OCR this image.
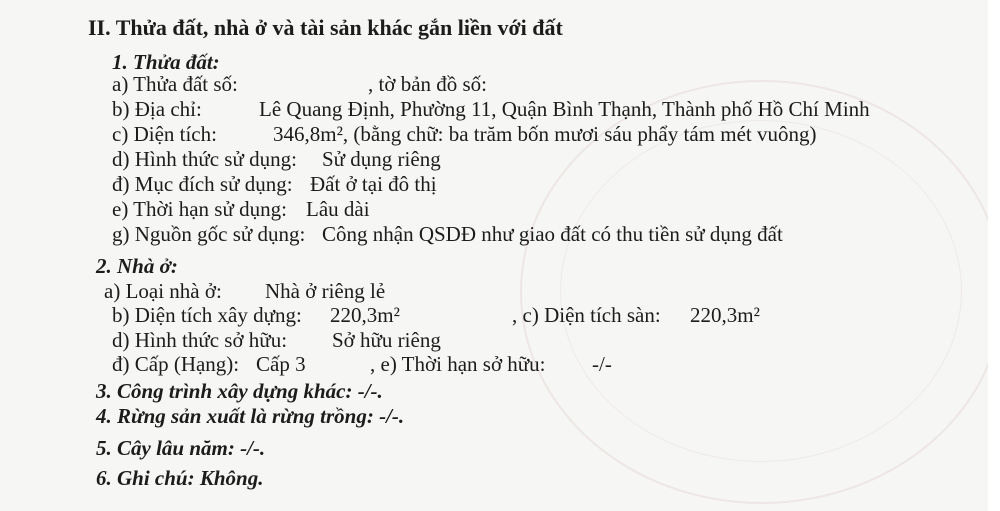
II. Thửa đất, nhà ở và tài sản khác gắn liền với đất
1. Thửa đất:
a) Thửa đất số:	, tờ bản đồ số:
b) Địa chỉ:	Lê Quang Định, Phường 11, Quận Bình Thạnh, Thành phố Hồ Chí Minh
c) Diện tích:	346,8m², (bằng chữ: ba trăm bốn mươi sáu phẩy tám mét vuông)
d) Hình thức sử dụng: Sử dụng riêng
đ) Mục đích sử dụng: Đất ở tại đô thị
e) Thời hạn sử dụng: Lâu dài
g) Nguồn gốc sử dụng: Công nhận QSDĐ như giao đất có thu tiền sử dụng đất
2. Nhà ở:
a) Loại nhà ở: Nhà ở riêng lẻ
b) Diện tích xây dựng: 220,3m²	, c) Diện tích sàn: 220,3m²
d) Hình thức sở hữu: Sở hữu riêng
đ) Cấp (Hạng): Cấp 3	, e) Thời hạn sở hữu: -/-
3. Công trình xây dựng khác: -/-.
4. Rừng sản xuất là rừng trồng: -/-.
5. Cây lâu năm: -/-.
6. Ghi chú: Không.
